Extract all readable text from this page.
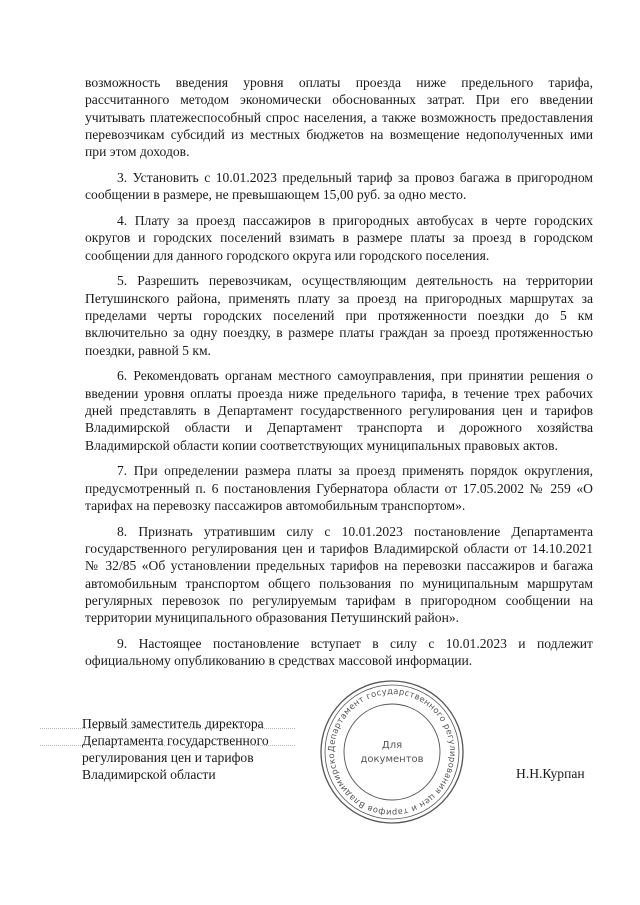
возможность введения уровня оплаты проезда ниже предельного тарифа, рассчитанного методом экономически обоснованных затрат. При его введении учитывать платежеспособный спрос населения, а также возможность предоставления перевозчикам субсидий из местных бюджетов на возмещение недополученных ими при этом доходов.

3. Установить с 10.01.2023 предельный тариф за провоз багажа в пригородном сообщении в размере, не превышающем 15,00 руб. за одно место.

4. Плату за проезд пассажиров в пригородных автобусах в черте городских округов и городских поселений взимать в размере платы за проезд в городском сообщении для данного городского округа или городского поселения.

5. Разрешить перевозчикам, осуществляющим деятельность на территории Петушинского района, применять плату за проезд на пригородных маршрутах за пределами черты городских поселений при протяженности поездки до 5 км включительно за одну поездку, в размере платы граждан за проезд протяженностью поездки, равной 5 км.

6. Рекомендовать органам местного самоуправления, при принятии решения о введении уровня оплаты проезда ниже предельного тарифа, в течение трех рабочих дней представлять в Департамент государственного регулирования цен и тарифов Владимирской области и Департамент транспорта и дорожного хозяйства Владимирской области копии соответствующих муниципальных правовых актов.

7. При определении размера платы за проезд применять порядок округления, предусмотренный п. 6 постановления Губернатора области от 17.05.2002 № 259 «О тарифах на перевозку пассажиров автомобильным транспортом».

8. Признать утратившим силу с 10.01.2023 постановление Департамента государственного регулирования цен и тарифов Владимирской области от 14.10.2021 № 32/85 «Об установлении предельных тарифов на перевозки пассажиров и багажа автомобильным транспортом общего пользования по муниципальным маршрутам регулярных перевозок по регулируемым тарифам в пригородном сообщении на территории муниципального образования Петушинский район».

9. Настоящее постановление вступает в силу с 10.01.2023 и подлежит официальному опубликованию в средствах массовой информации.

Первый заместитель директора
Департамента государственного
регулирования цен и тарифов
Владимирской области
Департамент государственного регулирования цен и тарифов Владимирско
Для
документов
Н.Н.Курпан
